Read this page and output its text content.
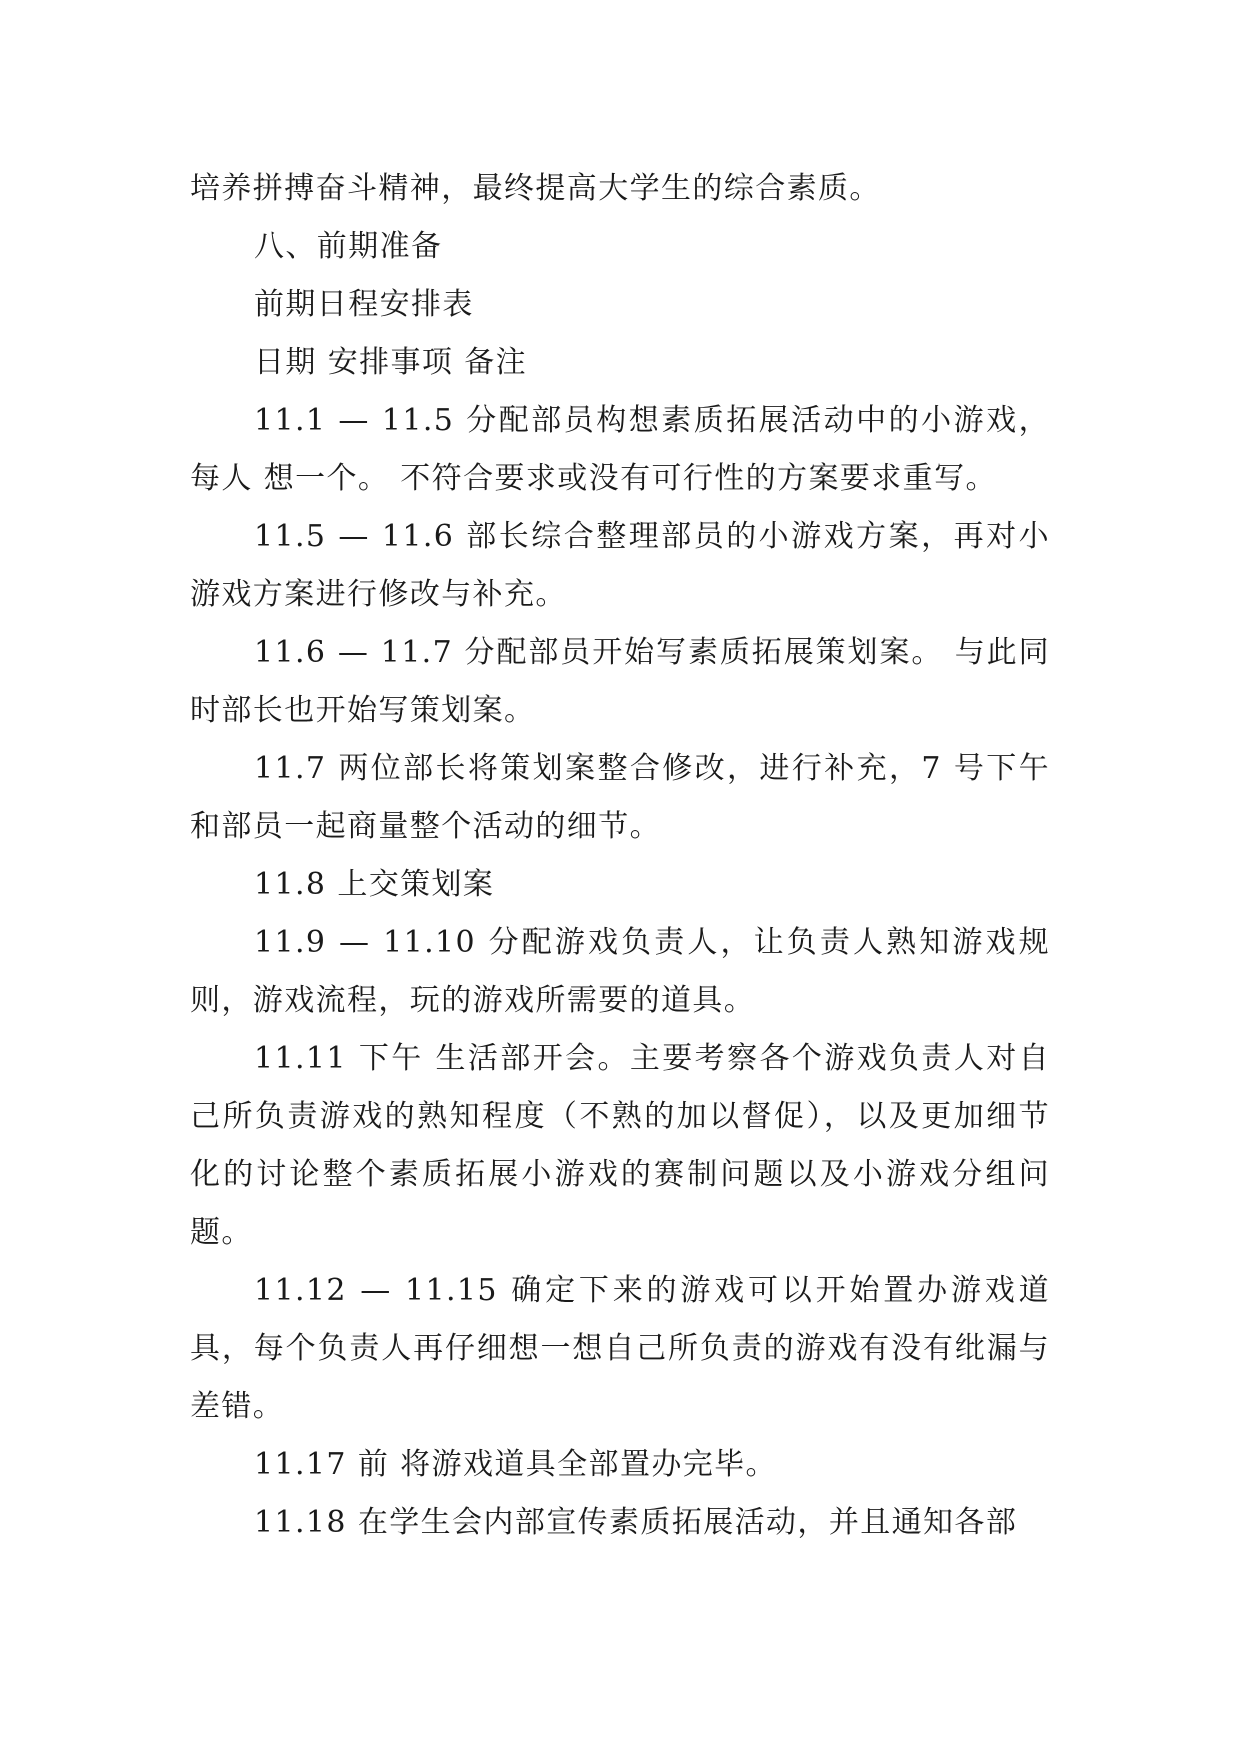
培养拼搏奋斗精神，最终提高大学生的综合素质。

八、前期准备

前期日程安排表

日期 安排事项 备注

11.1 — 11.5 分配部员构想素质拓展活动中的小游戏，每人 想一个。 不符合要求或没有可行性的方案要求重写。

11.5 — 11.6 部长综合整理部员的小游戏方案，再对小游戏方案进行修改与补充。

11.6 — 11.7 分配部员开始写素质拓展策划案。 与此同时部长也开始写策划案。

11.7 两位部长将策划案整合修改，进行补充，7 号下午和部员一起商量整个活动的细节。

11.8 上交策划案

11.9 — 11.10 分配游戏负责人，让负责人熟知游戏规则，游戏流程，玩的游戏所需要的道具。

11.11 下午 生活部开会。主要考察各个游戏负责人对自己所负责游戏的熟知程度（不熟的加以督促），以及更加细节化的讨论整个素质拓展小游戏的赛制问题以及小游戏分组问题。

11.12 — 11.15 确定下来的游戏可以开始置办游戏道具，每个负责人再仔细想一想自己所负责的游戏有没有纰漏与差错。

11.17 前 将游戏道具全部置办完毕。

11.18 在学生会内部宣传素质拓展活动，并且通知各部
